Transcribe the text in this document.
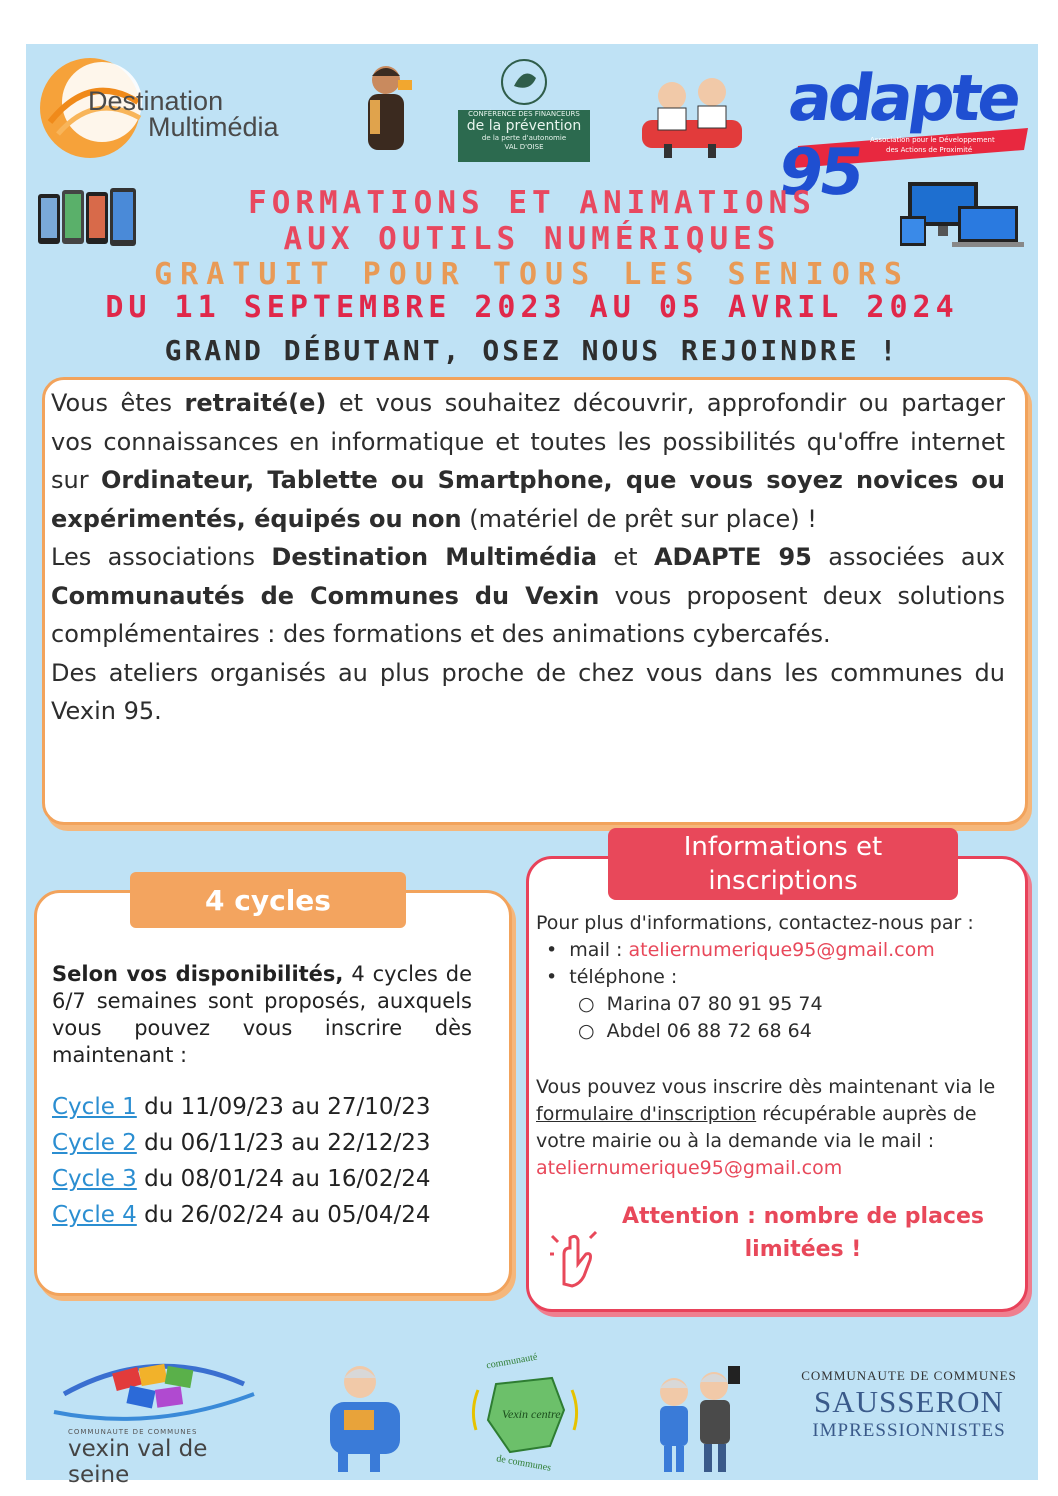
Destination
Multimédia	CONFÉRENCE DES FINANCEURS
de la prévention
de la perte d'autonomie
VAL D'OISE
adapte 95 Association pour le Développement
des Actions de Proximité
FORMATIONS ET ANIMATIONS
AUX OUTILS NUMÉRIQUES
GRATUIT POUR TOUS LES SENIORS
DU 11 SEPTEMBRE 2023 AU 05 AVRIL 2024
GRAND DÉBUTANT, OSEZ NOUS REJOINDRE !

Vous êtes retraité(e) et vous souhaitez découvrir, approfondir ou partager vos connaissances en informatique et toutes les possibilités qu'offre internet sur Ordinateur, Tablette ou Smartphone, que vous soyez novices ou expérimentés, équipés ou non (matériel de prêt sur place) !

Les associations Destination Multimédia et ADAPTE 95 associées aux Communautés de Communes du Vexin vous proposent deux solutions complémentaires : des formations et des animations cybercafés.

Des ateliers organisés au plus proche de chez vous dans les communes du Vexin 95.

4 cycles
Selon vos disponibilités, 4 cycles de 6/7 semaines sont proposés, auxquels vous pouvez vous inscrire dès maintenant :
Cycle 1 du 11/09/23 au 27/10/23
Cycle 2 du 06/11/23 au 22/12/23
Cycle 3 du 08/01/24 au 16/02/24
Cycle 4 du 26/02/24 au 05/04/24
Informations et
inscriptions
Pour plus d'informations, contactez-nous par :
•  mail : ateliernumerique95@gmail.com
•  téléphone :
○  Marina 07 80 91 95 74
○  Abdel 06 88 72 68 64
Vous pouvez vous inscrire dès maintenant via le formulaire d'inscription récupérable auprès de votre mairie ou à la demande via le mail : ateliernumerique95@gmail.com
Attention : nombre de places
limitées !
COMMUNAUTE DE COMMUNES
vexin val de seine
communauté
Vexin centre
de communes
COMMUNAUTE DE COMMUNES
SAUSSERON
IMPRESSIONNISTES
